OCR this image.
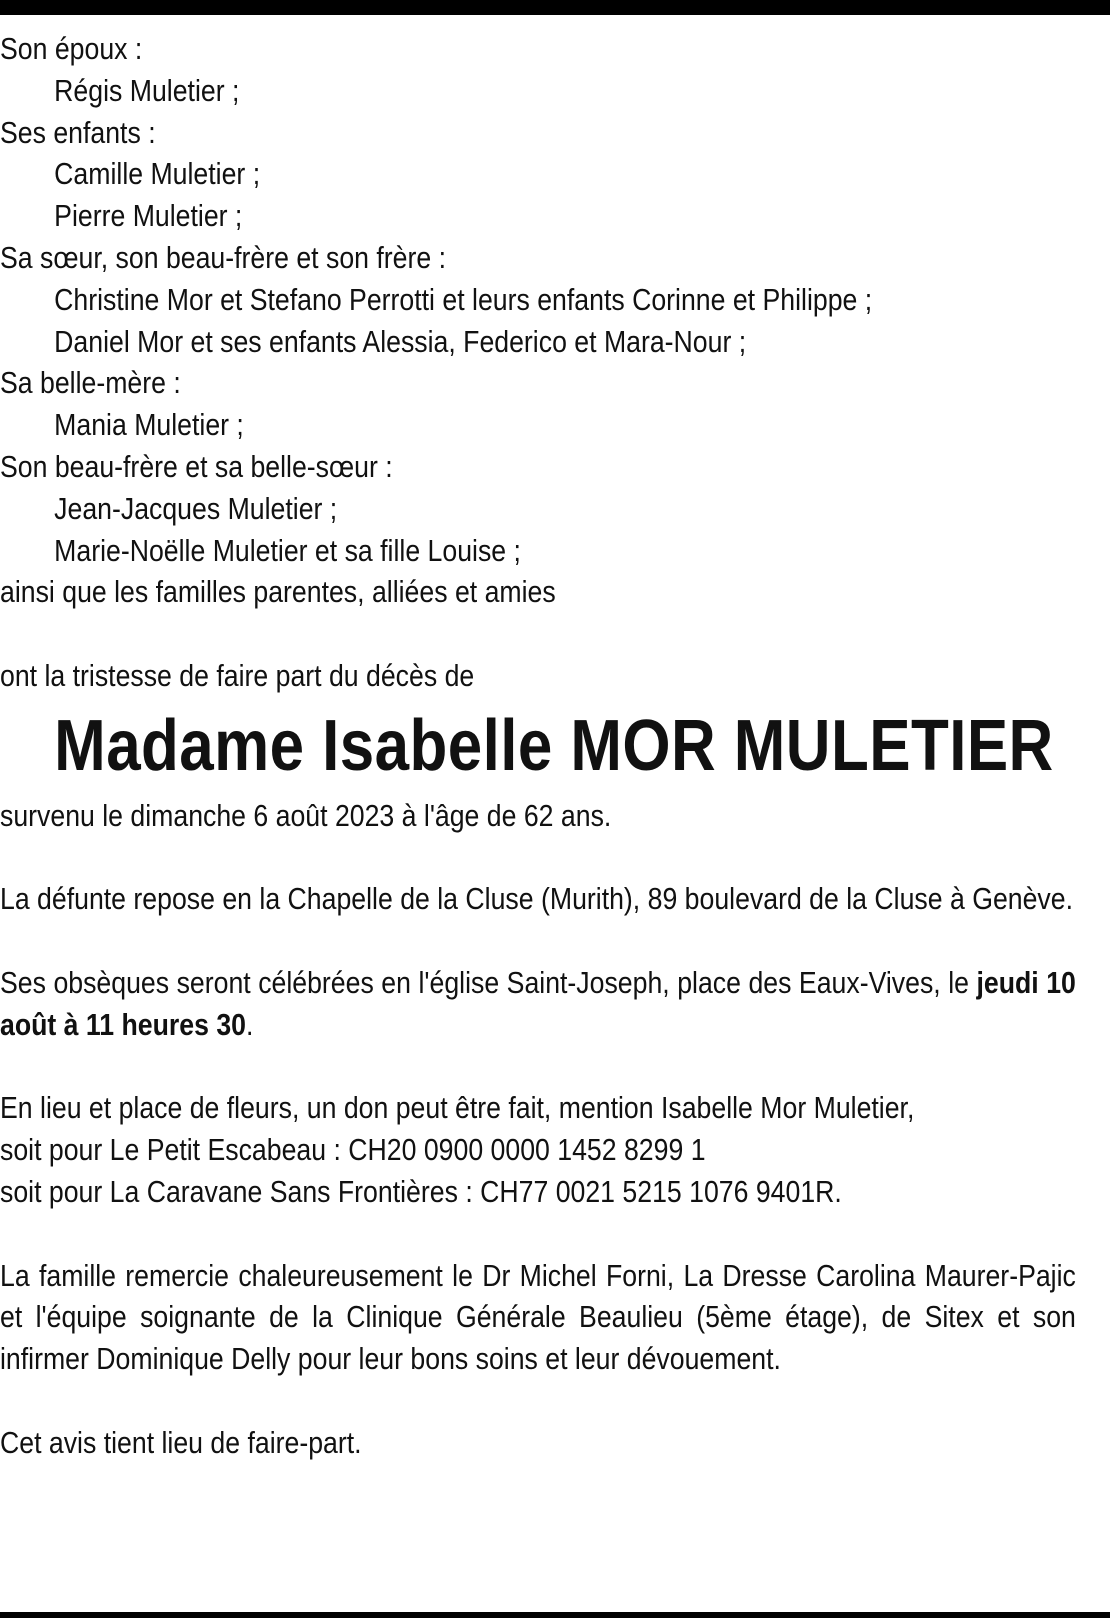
Son époux :
Régis Muletier ;
Ses enfants :
Camille Muletier ;
Pierre Muletier ;
Sa sœur, son beau-frère et son frère :
Christine Mor et Stefano Perrotti et leurs enfants Corinne et Philippe ;
Daniel Mor et ses enfants Alessia, Federico et Mara-Nour ;
Sa belle-mère :
Mania Muletier ;
Son beau-frère et sa belle-sœur :
Jean-Jacques Muletier ;
Marie-Noëlle Muletier et sa fille Louise ;
ainsi que les familles parentes, alliées et amies
ont la tristesse de faire part du décès de
Madame Isabelle MOR MULETIER
survenu le dimanche 6 août 2023 à l'âge de 62 ans.
La défunte repose en la Chapelle de la Cluse (Murith), 89 boulevard de la Cluse à Genève.
Ses obsèques seront célébrées en l'église Saint-Joseph, place des Eaux-Vives, le jeudi 10 août à 11 heures 30.
En lieu et place de fleurs, un don peut être fait, mention Isabelle Mor Muletier,
soit pour Le Petit Escabeau : CH20 0900 0000 1452 8299 1
soit pour La Caravane Sans Frontières : CH77 0021 5215 1076 9401R.
La famille remercie chaleureusement le Dr Michel Forni, La Dresse Carolina Maurer-Pajic et l'équipe soignante de la Clinique Générale Beaulieu (5ème étage), de Sitex et son infirmer Dominique Delly pour leur bons soins et leur dévouement.
Cet avis tient lieu de faire-part.
